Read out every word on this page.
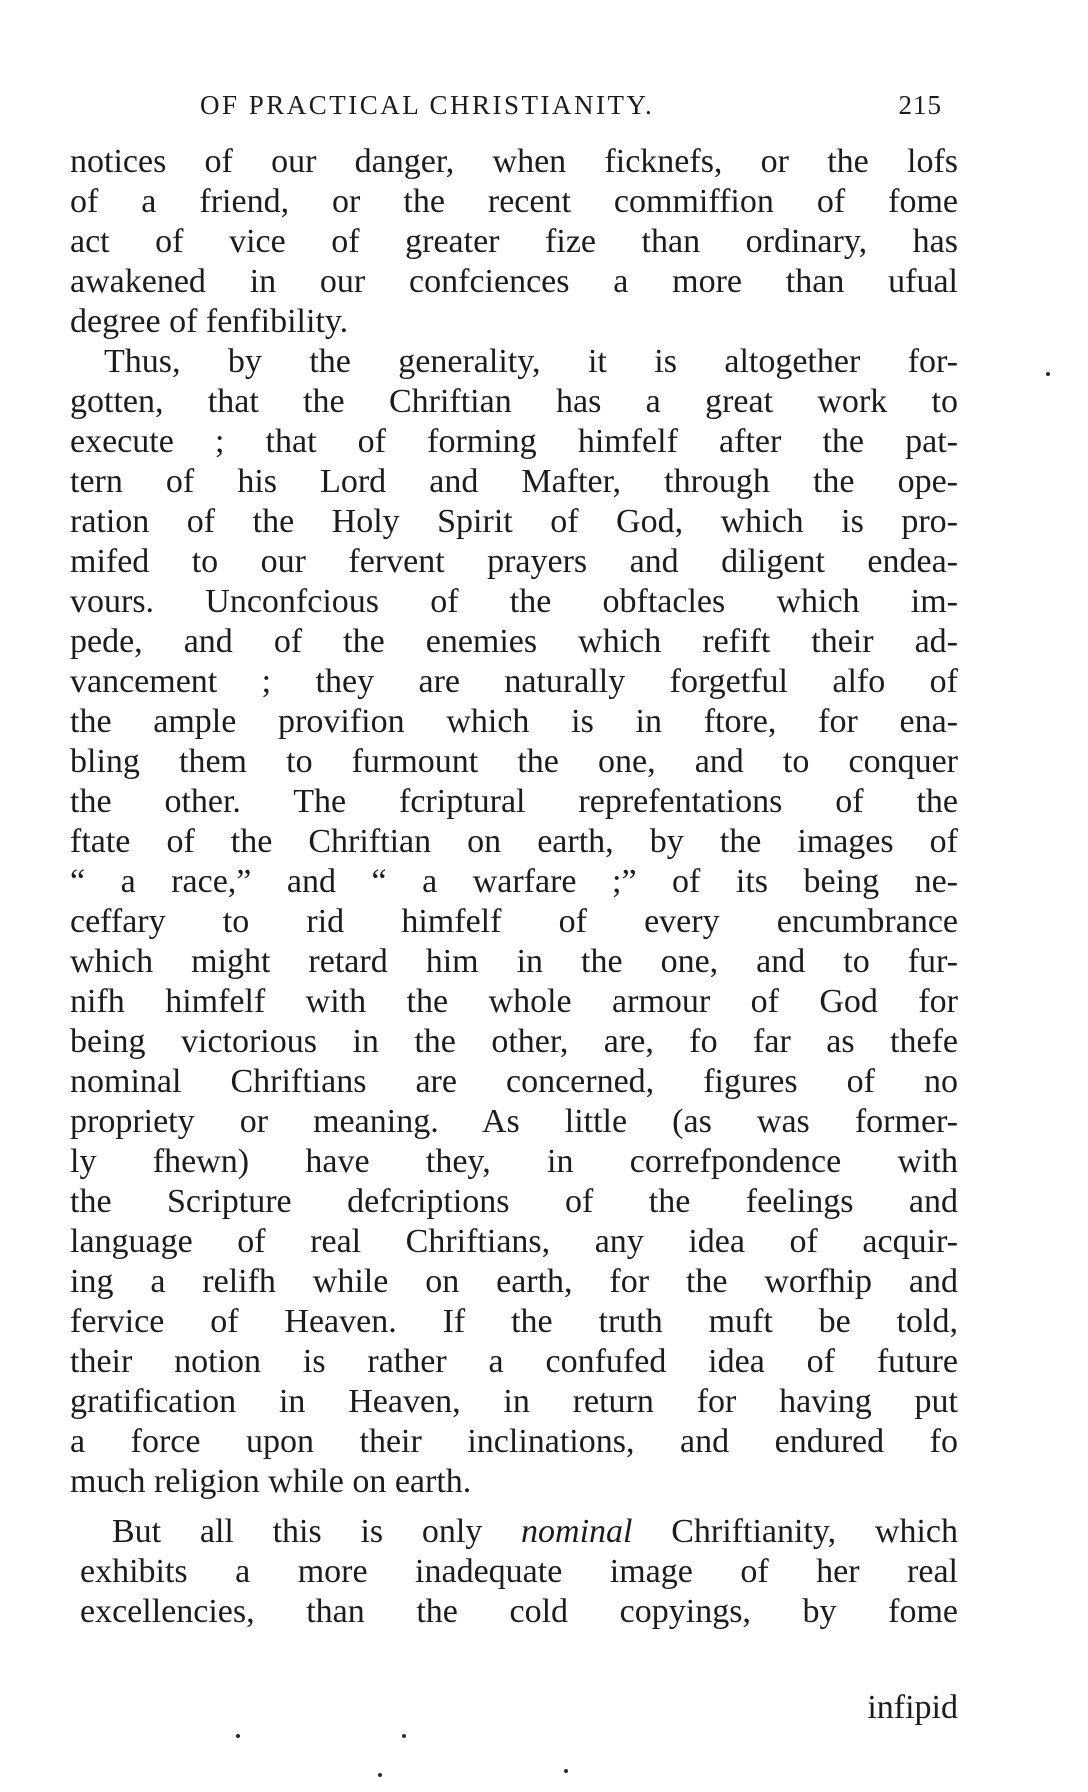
OF PRACTICAL CHRISTIANITY.	215
notices of our danger, when ficknefs, or the lofs
of a friend, or the recent commiffion of fome
act of vice of greater fize than ordinary, has
awakened in our confciences a more than ufual
degree of fenfibility.
Thus, by the generality, it is altogether for-
gotten, that the Chriftian has a great work to
execute ; that of forming himfelf after the pat-
tern of his Lord and Mafter, through the ope-
ration of the Holy Spirit of God, which is pro-
mifed to our fervent prayers and diligent endea-
vours. Unconfcious of the obftacles which im-
pede, and of the enemies which refift their ad-
vancement ; they are naturally forgetful alfo of
the ample provifion which is in ftore, for ena-
bling them to furmount the one, and to conquer
the other. The fcriptural reprefentations of the
ftate of the Chriftian on earth, by the images of
“ a race,” and “ a warfare ;” of its being ne-
ceffary to rid himfelf of every encumbrance
which might retard him in the one, and to fur-
nifh himfelf with the whole armour of God for
being victorious in the other, are, fo far as thefe
nominal Chriftians are concerned, figures of no
propriety or meaning. As little (as was former-
ly fhewn) have they, in correfpondence with
the Scripture defcriptions of the feelings and
language of real Chriftians, any idea of acquir-
ing a relifh while on earth, for the worfhip and
fervice of Heaven. If the truth muft be told,
their notion is rather a confufed idea of future
gratification in Heaven, in return for having put
a force upon their inclinations, and endured fo
much religion while on earth.
But all this is only nominal Chriftianity, which
exhibits a more inadequate image of her real
excellencies, than the cold copyings, by fome
infipid
